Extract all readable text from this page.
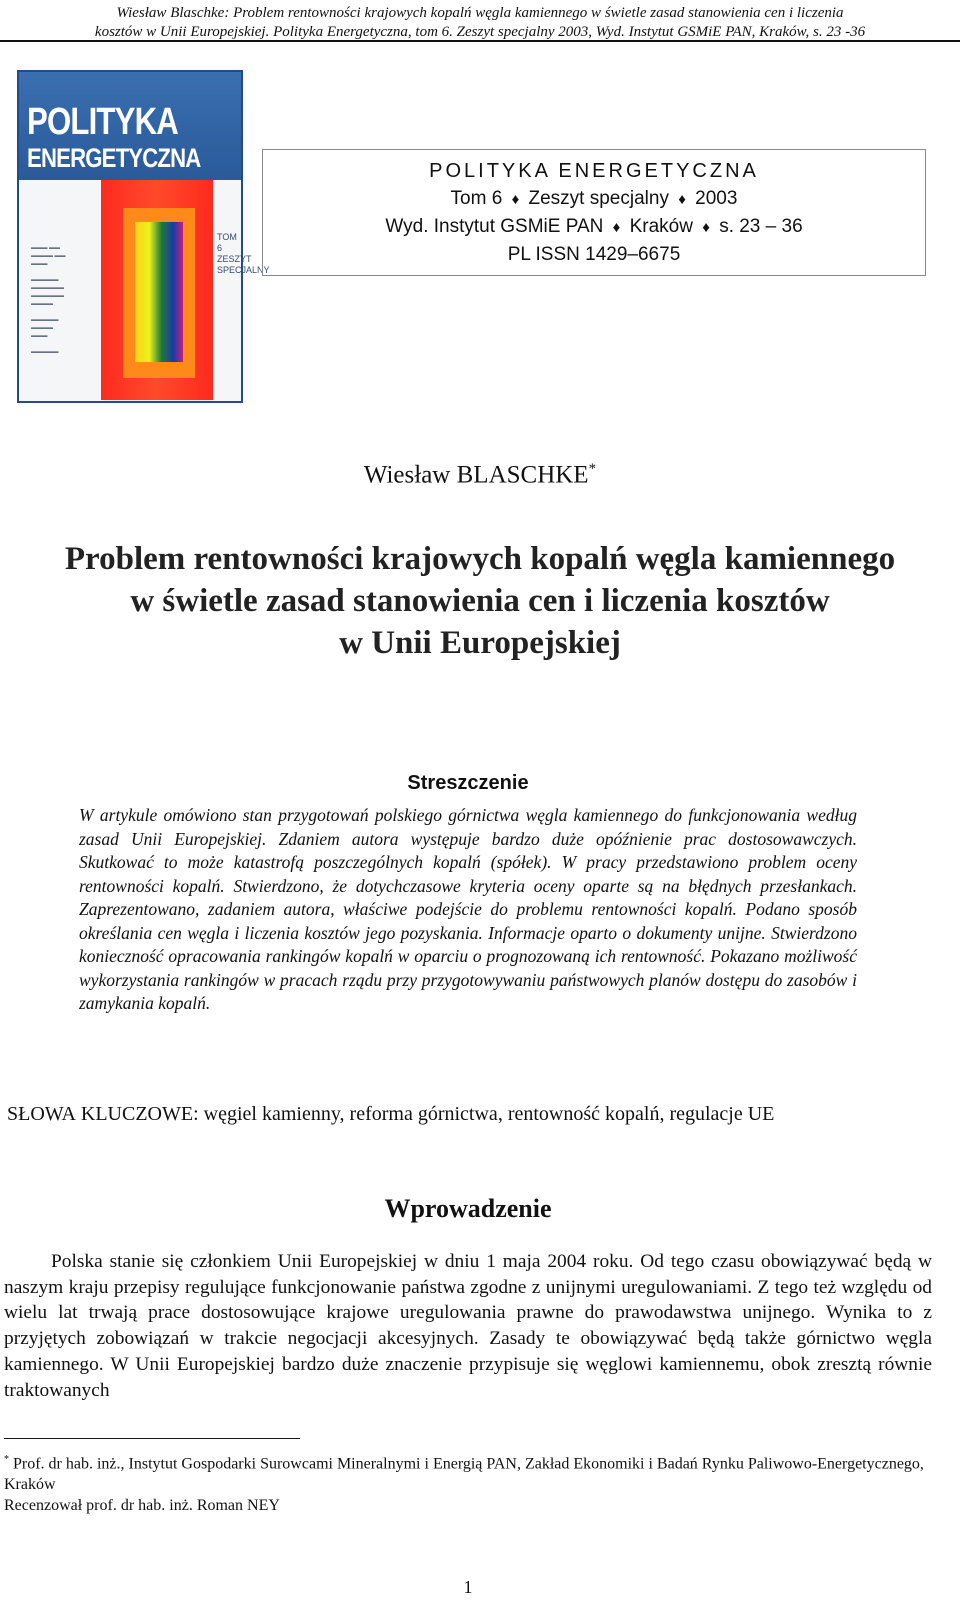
Wiesław Blaschke: Problem rentowności krajowych kopalń węgla kamiennego w świetle zasad stanowienia cen i liczenia
kosztów w Unii Europejskiej. Polityka Energetyczna, tom 6. Zeszyt specjalny 2003, Wyd. Instytut GSMiE PAN, Kraków, s. 23 -36
POLITYKA
ENERGETYCZNA
▬▬▬ ▬▬
▬▬▬▬ ▬▬
▬▬▬

▬▬▬▬▬
▬▬▬▬▬▬
▬▬▬▬▬▬
▬▬▬▬

▬▬▬▬▬
▬▬▬▬
▬▬▬

▬▬▬▬▬
TOM
6
ZESZYT
SPECJALNY
POLITYKA ENERGETYCZNA
Tom 6 ♦ Zeszyt specjalny ♦ 2003
Wyd. Instytut GSMiE PAN ♦ Kraków ♦ s. 23 – 36
PL ISSN 1429–6675
Wiesław BLASCHKE*
Problem rentowności krajowych kopalń węgla kamiennego
w świetle zasad stanowienia cen i liczenia kosztów
w Unii Europejskiej
Streszczenie
W artykule omówiono stan przygotowań polskiego górnictwa węgla kamiennego do funkcjonowania według zasad Unii Europejskiej. Zdaniem autora występuje bardzo duże opóźnienie prac dostosowawczych. Skutkować to może katastrofą poszczególnych kopalń (spółek). W pracy przedstawiono problem oceny rentowności kopalń. Stwierdzono, że dotychczasowe kryteria oceny oparte są na błędnych przesłankach. Zaprezentowano, zadaniem autora, właściwe podejście do problemu rentowności kopalń. Podano sposób określania cen węgla i liczenia kosztów jego pozyskania. Informacje oparto o dokumenty unijne. Stwierdzono konieczność opracowania rankingów kopalń w oparciu o prognozowaną ich rentowność. Pokazano możliwość wykorzystania rankingów w pracach rządu przy przygotowywaniu państwowych planów dostępu do zasobów i zamykania kopalń.
SŁOWA KLUCZOWE: węgiel kamienny, reforma górnictwa, rentowność kopalń, regulacje UE
Wprowadzenie
Polska stanie się członkiem Unii Europejskiej w dniu 1 maja 2004 roku. Od tego czasu obowiązywać będą w naszym kraju przepisy regulujące funkcjonowanie państwa zgodne z unijnymi uregulowaniami. Z tego też względu od wielu lat trwają prace dostosowujące krajowe uregulowania prawne do prawodawstwa unijnego. Wynika to z przyjętych zobowiązań w trakcie negocjacji akcesyjnych. Zasady te obowiązywać będą także górnictwo węgla kamiennego. W Unii Europejskiej bardzo duże znaczenie przypisuje się węglowi kamiennemu, obok zresztą równie traktowanych

* Prof. dr hab. inż., Instytut Gospodarki Surowcami Mineralnymi i Energią PAN, Zakład Ekonomiki i Badań Rynku Paliwowo-Energetycznego, Kraków

Recenzował prof. dr hab. inż. Roman NEY

1
